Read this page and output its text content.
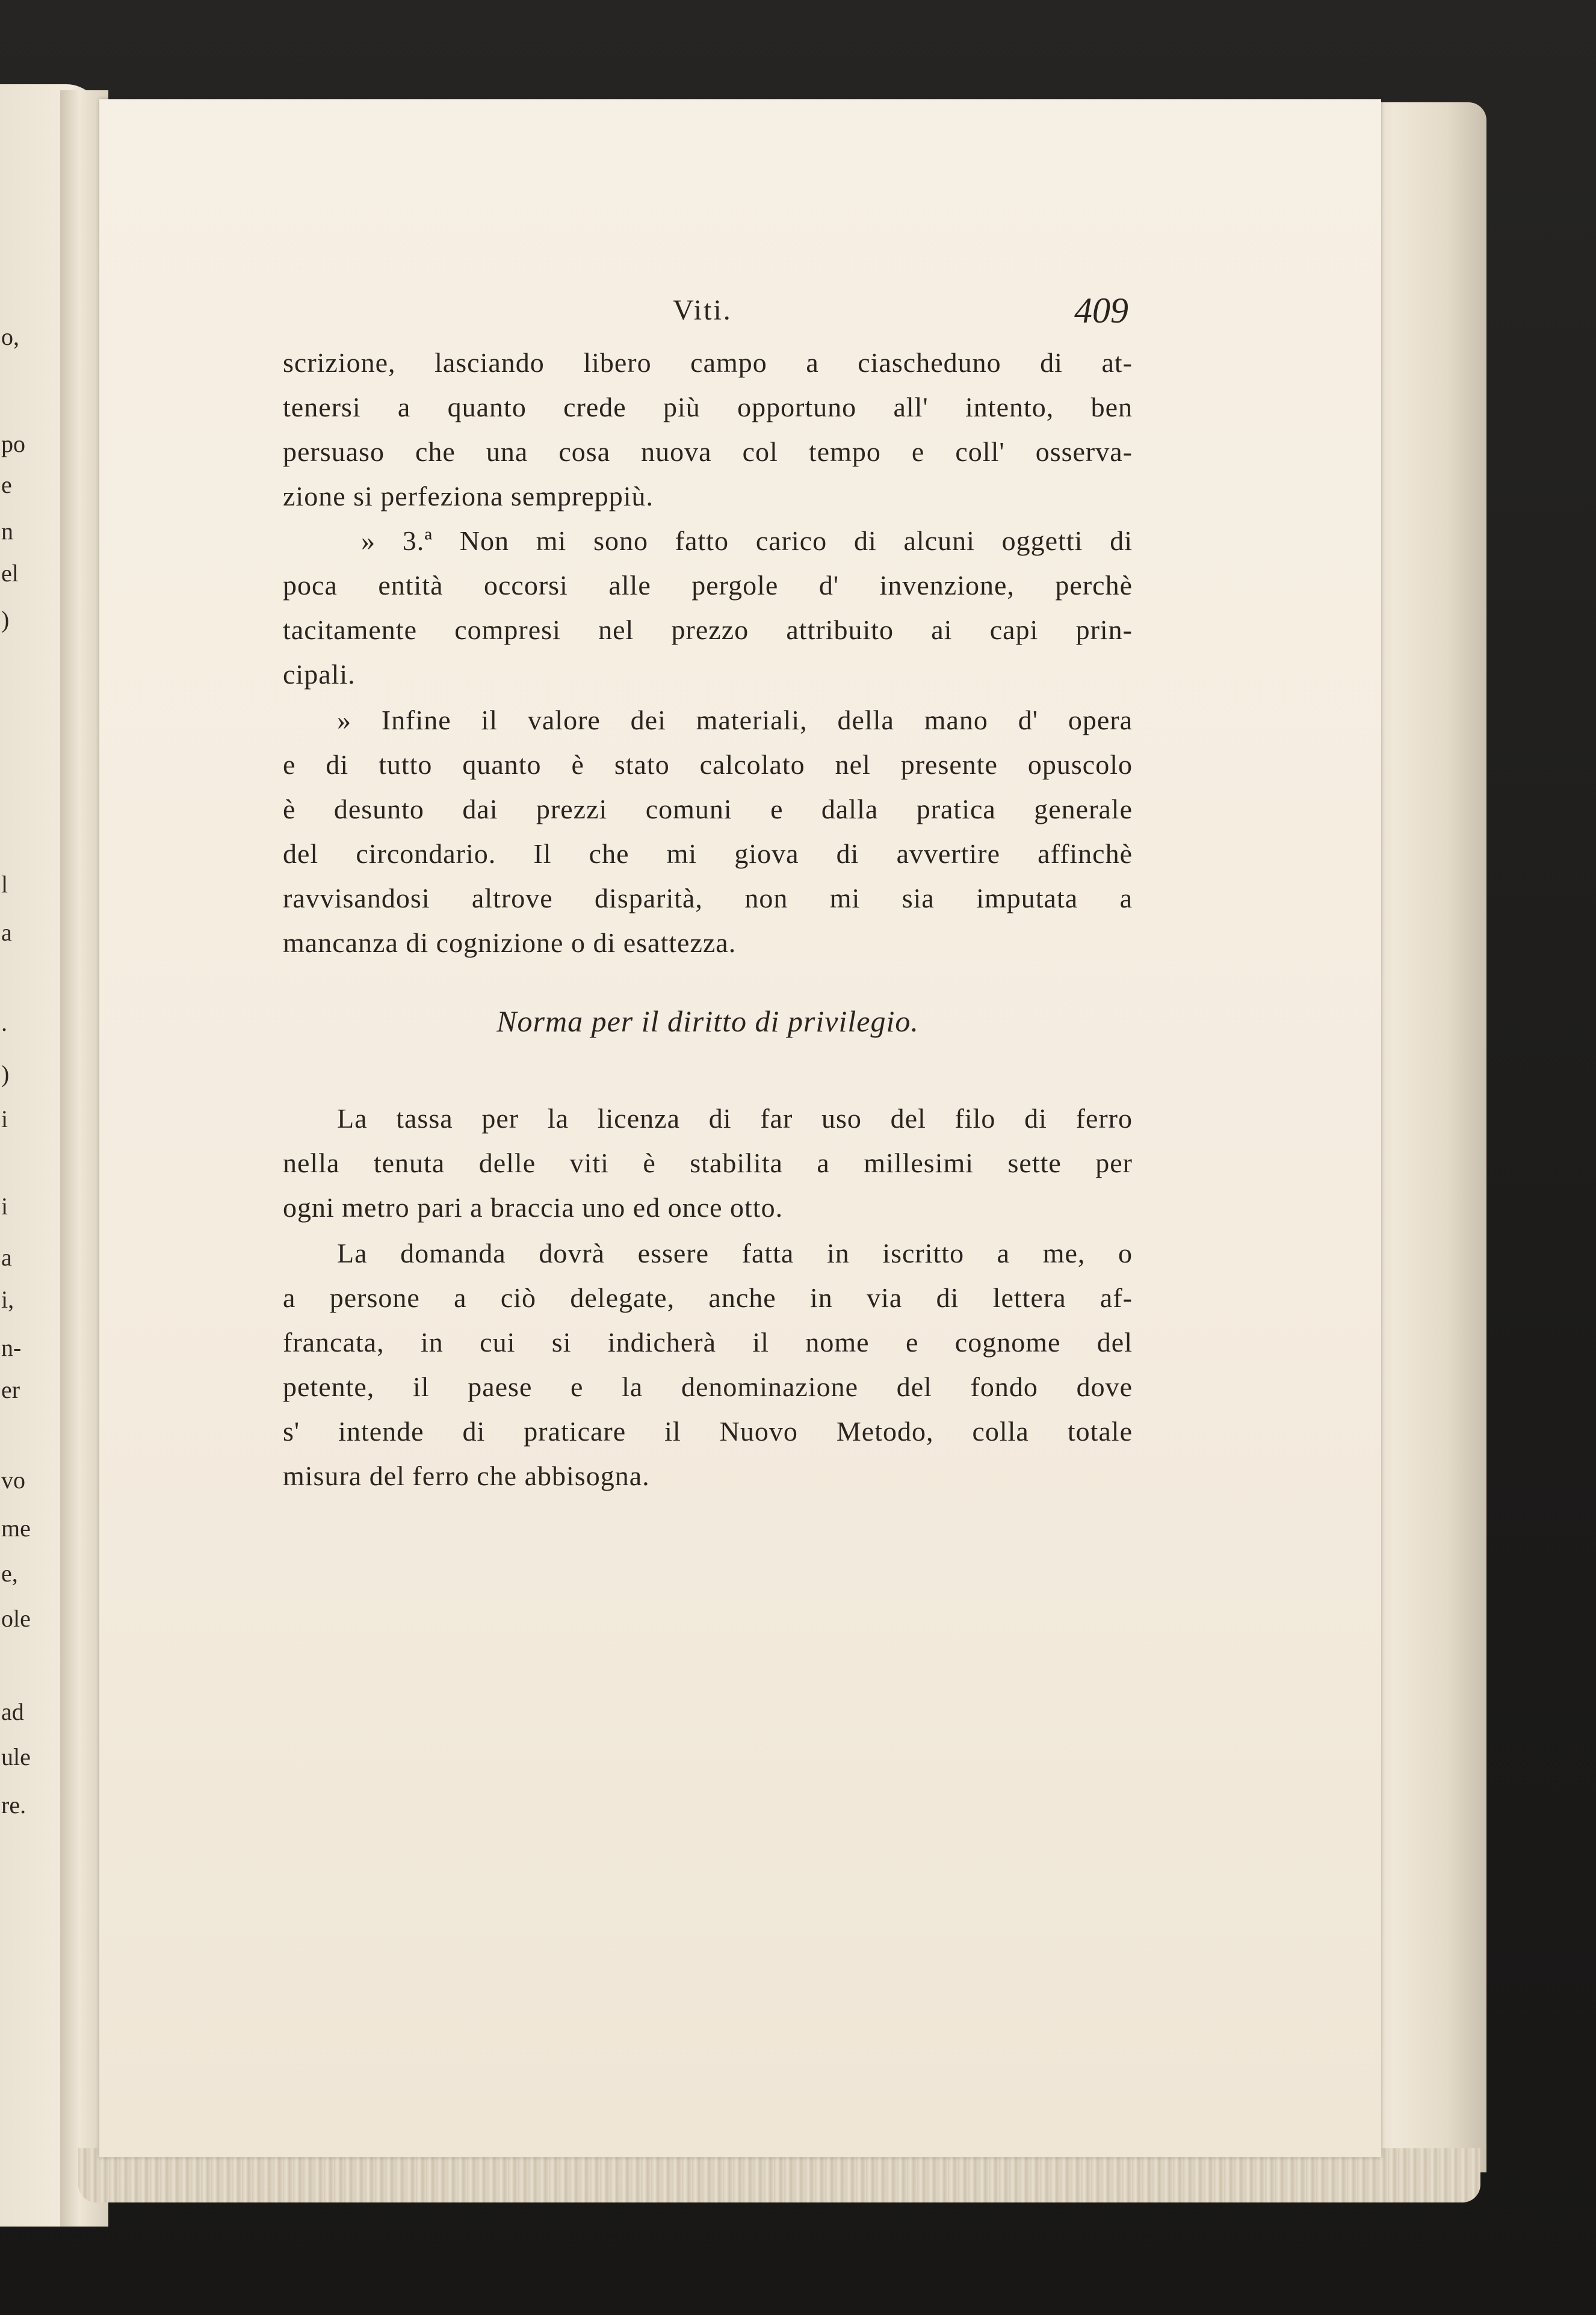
o,
po
e
n
el
)
l
a
.
)
i
i
a
i,
n-
er
vo
me
e,
ole
ad
ule
re.
Viti.	409
scrizione, lasciando libero campo a ciascheduno di at-
tenersi a quanto crede più opportuno all' intento, ben
persuaso che una cosa nuova col tempo e coll' osserva-
zione si perfeziona sempreppiù.
» 3.ª Non mi sono fatto carico di alcuni oggetti di
poca entità occorsi alle pergole d' invenzione, perchè
tacitamente compresi nel prezzo attribuito ai capi prin-
cipali.
» Infine il valore dei materiali, della mano d' opera
e di tutto quanto è stato calcolato nel presente opuscolo
è desunto dai prezzi comuni e dalla pratica generale
del circondario. Il che mi giova di avvertire affinchè
ravvisandosi altrove disparità, non mi sia imputata a
mancanza di cognizione o di esattezza.
Norma per il diritto di privilegio.
La tassa per la licenza di far uso del filo di ferro
nella tenuta delle viti è stabilita a millesimi sette per
ogni metro pari a braccia uno ed once otto.
La domanda dovrà essere fatta in iscritto a me, o
a persone a ciò delegate, anche in via di lettera af-
francata, in cui si indicherà il nome e cognome del
petente, il paese e la denominazione del fondo dove
s' intende di praticare il Nuovo Metodo, colla totale
misura del ferro che abbisogna.
